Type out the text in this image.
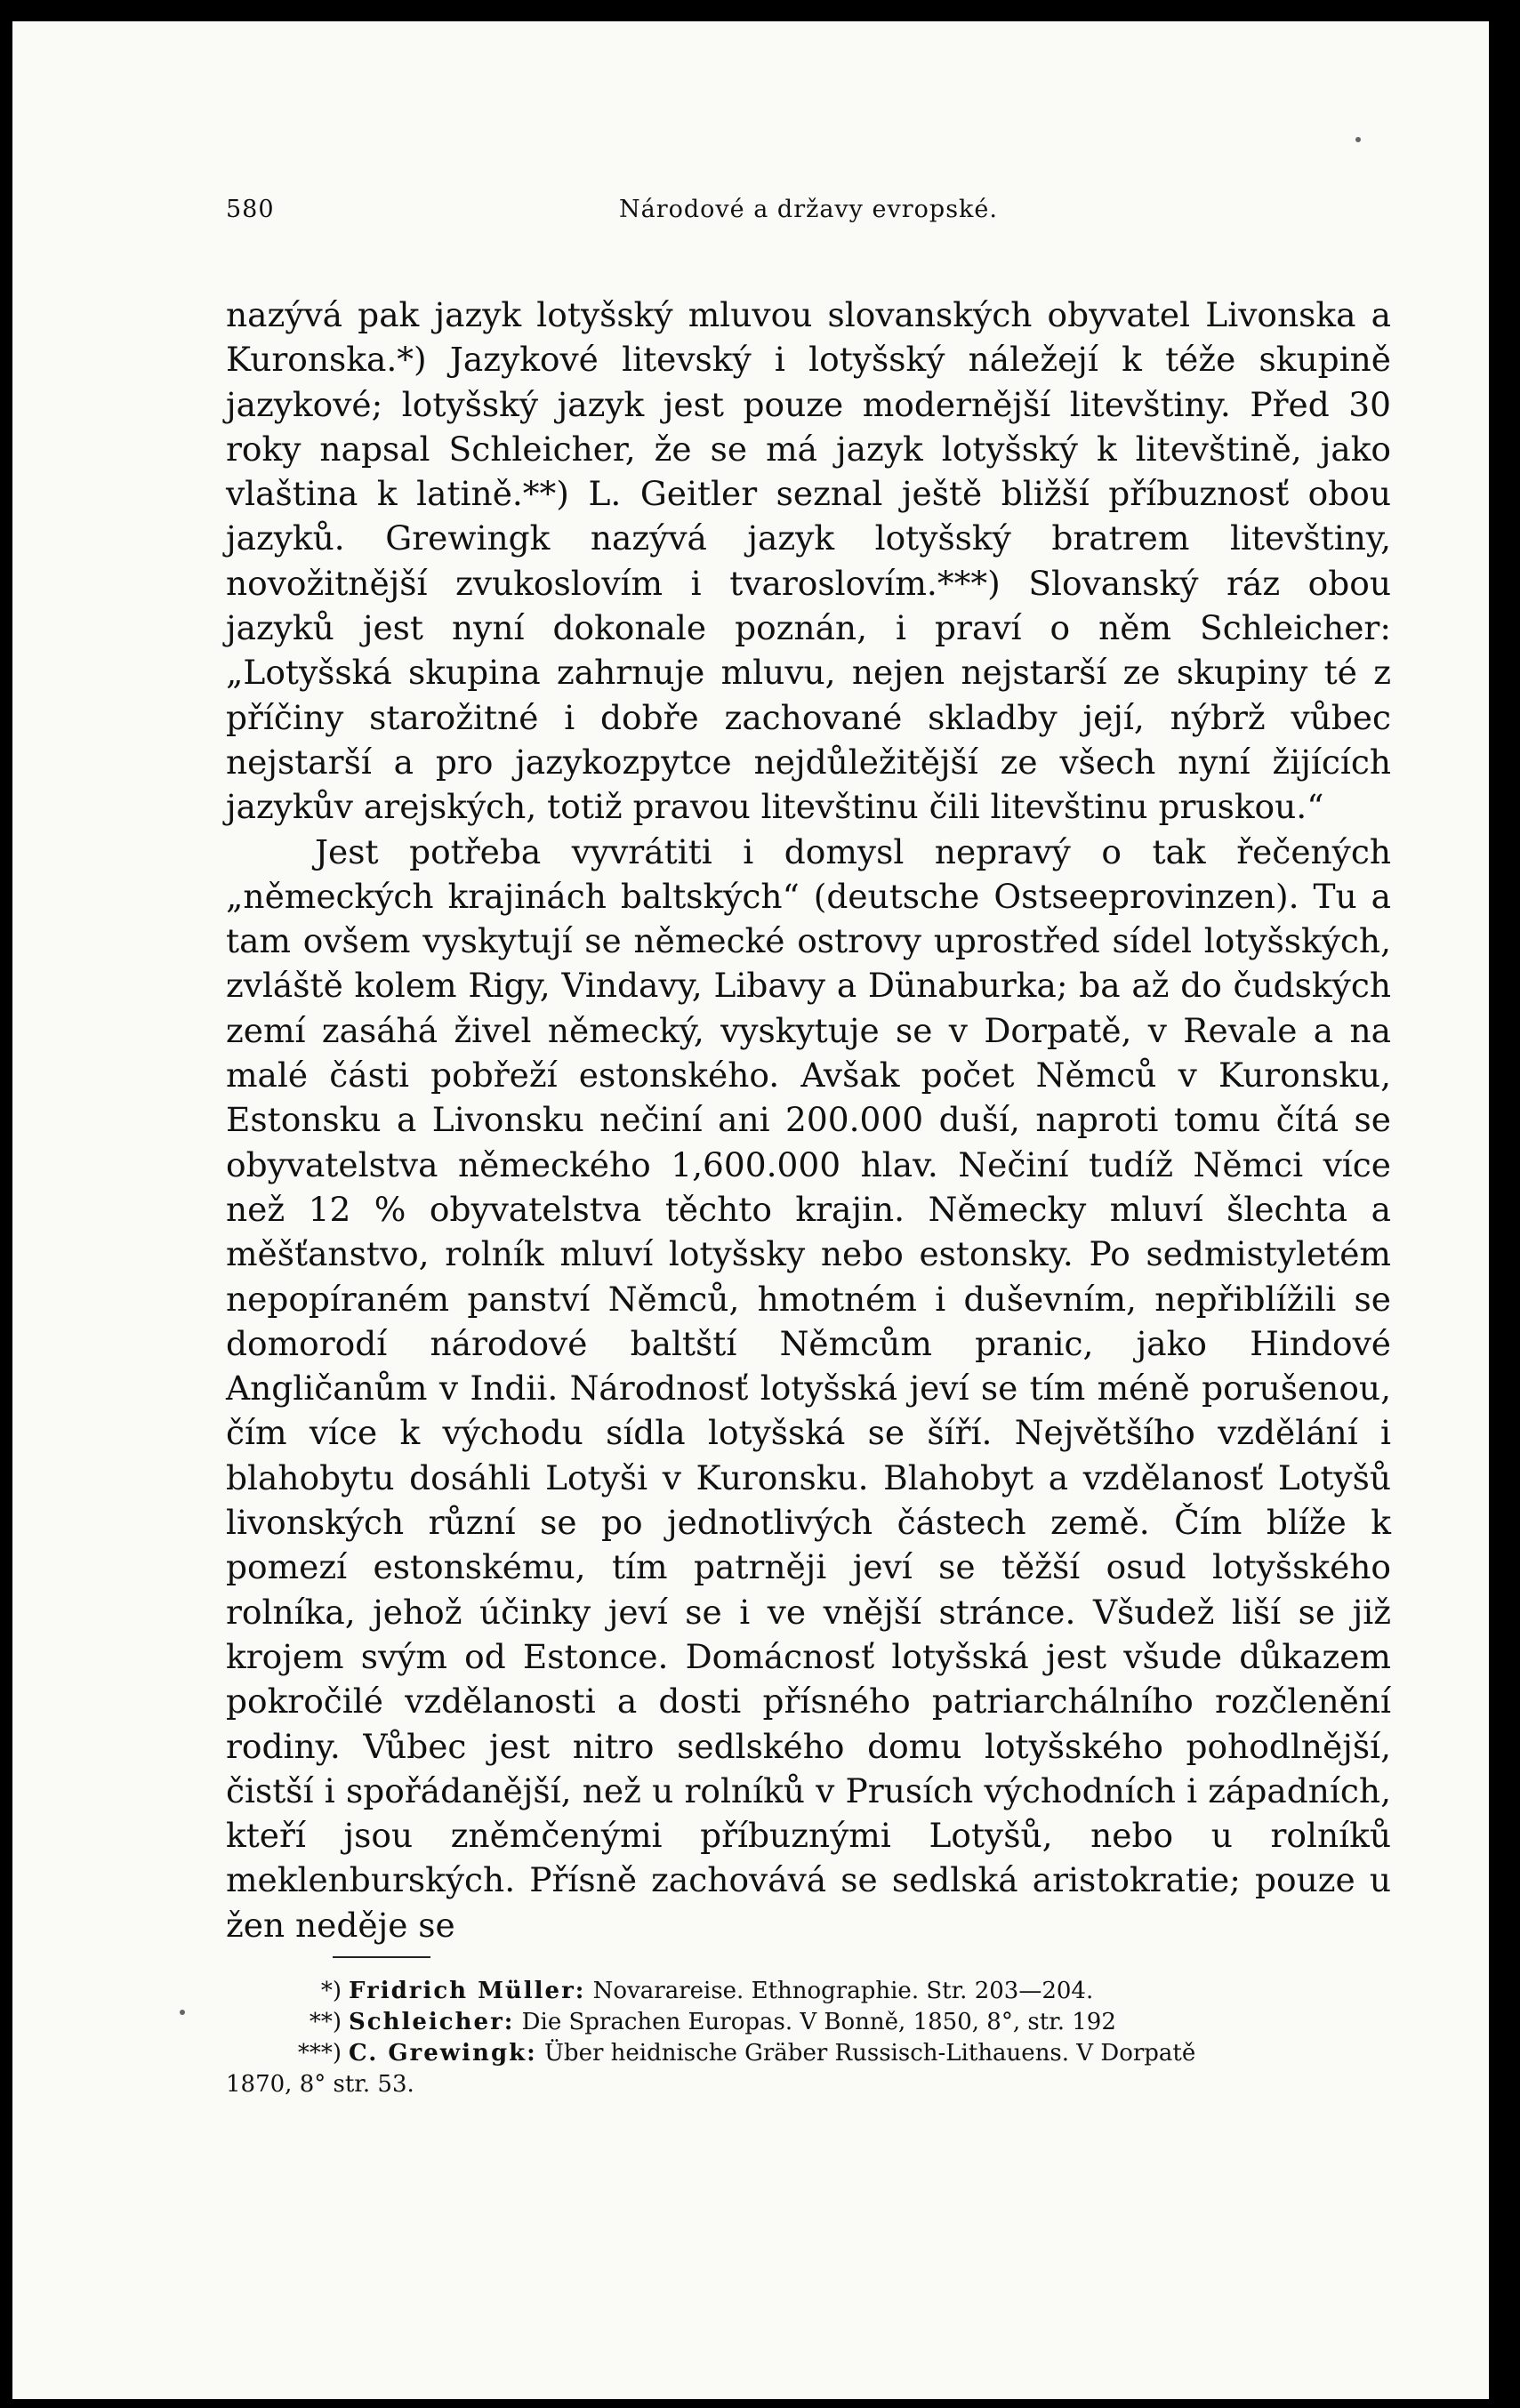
580	Národové a državy evropské.

nazývá pak jazyk lotyšský mluvou slovanských obyvatel Livonska a Kuronska.*) Jazykové litevský i lotyšský náležejí k téže skupině jazykové; lotyšský jazyk jest pouze modernější litevštiny. Před 30 roky napsal Schleicher, že se má jazyk lotyšský k litevštině, jako vlaština k latině.**) L. Geitler seznal ještě bližší příbuznosť obou jazyků. Grewingk nazývá jazyk lotyšský bratrem litevštiny, novožitnější zvukoslovím i tvaroslovím.***) Slovanský ráz obou jazyků jest nyní dokonale poznán, i praví o něm Schleicher: „Lotyšská skupina zahrnuje mluvu, nejen nejstarší ze skupiny té z příčiny starožitné i dobře zachované skladby její, nýbrž vůbec nejstarší a pro jazykozpytce nejdůležitější ze všech nyní žijících jazykův arejských, totiž pravou litevštinu čili litevštinu pruskou.“

Jest potřeba vyvrátiti i domysl nepravý o tak řečených „německých krajinách baltských“ (deutsche Ostseeprovinzen). Tu a tam ovšem vyskytují se německé ostrovy uprostřed sídel lotyšských, zvláště kolem Rigy, Vindavy, Libavy a Dünaburka; ba až do čudských zemí zasáhá živel německý, vyskytuje se v Dorpatě, v Revale a na malé části pobřeží estonského. Avšak počet Němců v Kuronsku, Estonsku a Livonsku nečiní ani 200.000 duší, naproti tomu čítá se obyvatelstva německého 1,600.000 hlav. Nečiní tudíž Němci více než 12 % obyvatelstva těchto krajin. Německy mluví šlechta a měšťanstvo, rolník mluví lotyšsky nebo estonsky. Po sedmistyletém nepopíraném panství Němců, hmotném i duševním, nepřiblížili se domorodí národové baltští Němcům pranic, jako Hindové Angličanům v Indii. Národnosť lotyšská jeví se tím méně porušenou, čím více k východu sídla lotyšská se šíří. Největšího vzdělání i blahobytu dosáhli Lotyši v Kuronsku. Blahobyt a vzdělanosť Lotyšů livonských různí se po jednotlivých částech země. Čím blíže k pomezí estonskému, tím patrněji jeví se těžší osud lotyšského rolníka, jehož účinky jeví se i ve vnější stránce. Všudež liší se již krojem svým od Estonce. Domácnosť lotyšská jest všude důkazem pokročilé vzdělanosti a dosti přísného patriarchálního rozčlenění rodiny. Vůbec jest nitro sedlského domu lotyšského pohodlnější, čistší i spořádanější, než u rolníků v Prusích východních i západních, kteří jsou zněmčenými příbuznými Lotyšů, nebo u rolníků meklenburských. Přísně zachovává se sedlská aristokratie; pouze u žen neděje se

*) Fridrich Müller: Novarareise. Ethnographie. Str. 203—204.
**) Schleicher: Die Sprachen Europas. V Bonně, 1850, 8°, str. 192
***) C. Grewingk: Über heidnische Gräber Russisch-Lithauens. V Dorpatě
1870, 8° str. 53.
